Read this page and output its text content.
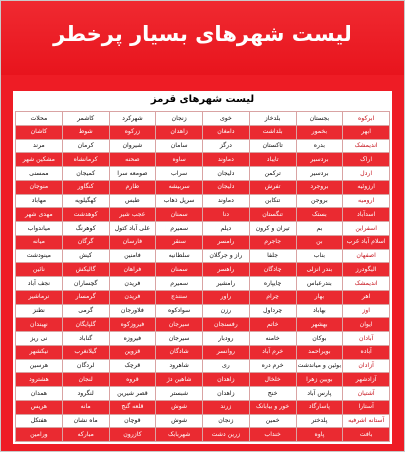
لیست شهرهای بسیار پرخطر
لیست شهرهای قرمز
ابرکوه	بجستان	بلدخاز	خوی	زنجان	شهرکرد	کاشمر	محلات
ابهر	بخمور	بلداشت	دامغان	زاهدان	زرکوه	شوط	کاشان
اندیمشک	بدره	تاکستان	درگز	سامان	شیروان	کرمان	مرند
اراک	بردسیر	تایباد	دماوند	ساوه	صحنه	کرمانشاه	مشکین شهر
اردل	بردسیر	ترکمن	دلیجان	سراب	صومعه سرا	کمیجان	ممسنی
ارزوئیه	بروجرد	تفرش	دلیجان	سربیشه	طارم	کنگاور	منوجان
ارومیه	بروجن	تنکابن	دماوند	سرپل ذهاب	طبس	کهگیلویه	مهاباد
اسدآباد	بستک	تنگستان	دنا	سمنان	عجب شیر	کوهدشت	مهدی شهر
اسفراین	بم	تیران و کرون	دیلم	سمیرم	علی آباد کتول	کوهرنگ	میاندواب
اسلام آباد غرب	بن	جاجرم	رامسر	سنقر	فارسان	گرگان	میانه
اصفهان	بناب	جلفا	راز و جرگلان	سلطانیه	فامنین	کیش	مینودشت
الیگودرز	بندر انزلی	چادگان	راهسر	سمنان	فراهان	گالیکش	نائین
اندیمشک	بندرعباس	چایپاره	رامشیر	سمیرم	فریدن	گچساران	نجف آباد
اهر	بهار	چرام	راور	سنندج	فریدن	گرمسار	نرماشیر
اوز	بهاباد	چرداول	رزن	سوادکوه	فلاورجان	گرمی	نطنز
ایوان	بهشهر	خاتم	رفسنجان	سیرجان	فیروزکوه	گلپایگان	نهبندان
آبادان	بوکان	خامنه	رودبار	سیرجان	فیروزه	گناباد	نی ریز
آباده	بویراحمد	خرم آباد	روانسر	شادگان	قزوین	گیلانغرب	نیکشهر
آزادان	بوئین و میاندشت	خرم دره	ری	شاهرود	قرچک	لردگان	هرسین
آزادشهر	بویین زهرا	خلخال	زاهدان	شاهین دژ	قروه	لنجان	هشترود
آشتیان	پارس آباد	خنج	زاهدان	شبستر	قصر شیرین	لنگرود	همدان
آستارا	پاسارگاد	خور و بیابانک	زرند	شوش	قلعه گنج	مانه	هریس
آستانه اشرفیه	پلدختر	خمین	زنجان	شوش	قوچان	ماه نشان	هفتکل
بافت	پاوه	خنداب	زرین دشت	شهربابک	کازرون	مبارکه	ورامین
